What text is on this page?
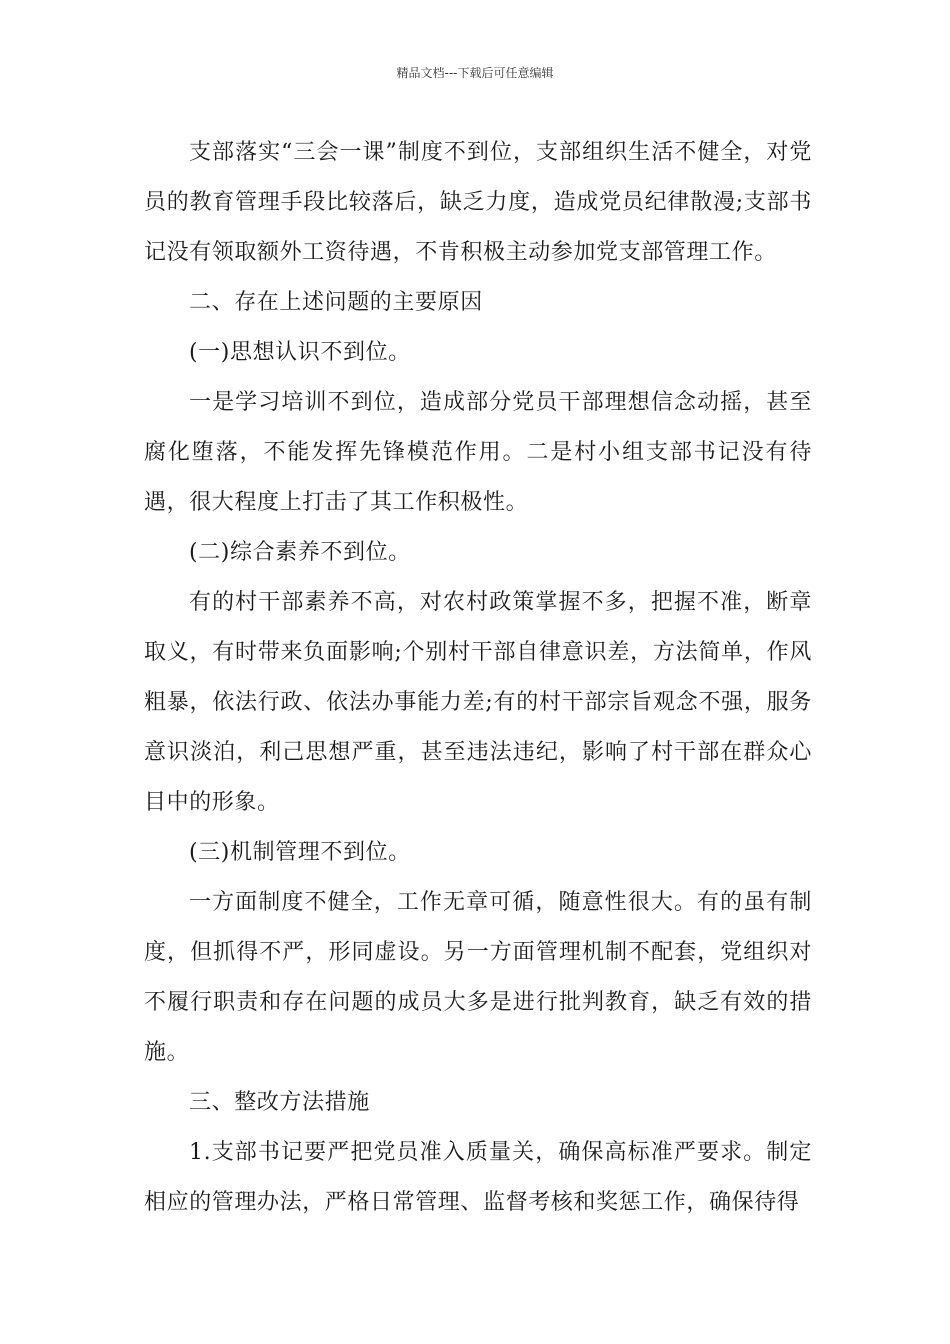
精品文档---下载后可任意编辑

支部落实“三会一课”制度不到位，支部组织生活不健全，对党员的教育管理手段比较落后，缺乏力度，造成党员纪律散漫;支部书记没有领取额外工资待遇，不肯积极主动参加党支部管理工作。

二、存在上述问题的主要原因

(一)思想认识不到位。

一是学习培训不到位，造成部分党员干部理想信念动摇，甚至腐化堕落，不能发挥先锋模范作用。二是村小组支部书记没有待遇，很大程度上打击了其工作积极性。

(二)综合素养不到位。

有的村干部素养不高，对农村政策掌握不多，把握不准，断章取义，有时带来负面影响;个别村干部自律意识差，方法简单，作风粗暴，依法行政、依法办事能力差;有的村干部宗旨观念不强，服务意识淡泊，利己思想严重，甚至违法违纪，影响了村干部在群众心目中的形象。

(三)机制管理不到位。

一方面制度不健全，工作无章可循，随意性很大。有的虽有制度，但抓得不严，形同虚设。另一方面管理机制不配套，党组织对不履行职责和存在问题的成员大多是进行批判教育，缺乏有效的措施。

三、整改方法措施

1.支部书记要严把党员准入质量关，确保高标准严要求。制定相应的管理办法，严格日常管理、监督考核和奖惩工作，确保待得
